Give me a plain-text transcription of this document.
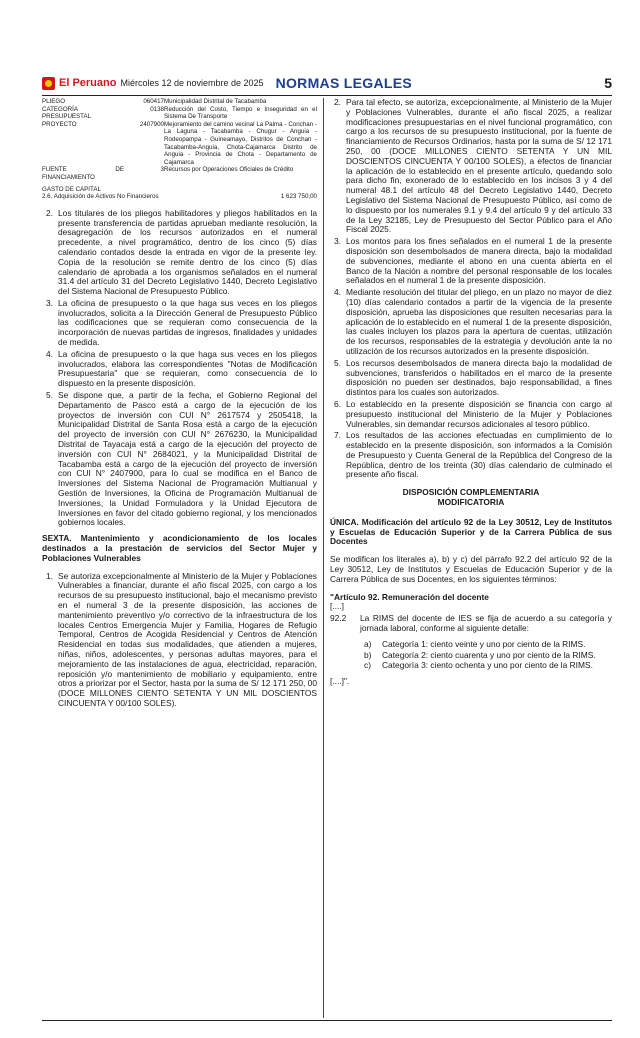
El Peruano Miércoles 12 de noviembre de 2025 NORMAS LEGALES	5
PLIEGO	060417	Municipalidad Distrital de Tacabamba
CATEGORÍA PRESUPUESTAL	0138	Reducción del Costo, Tiempo e Inseguridad en el Sistema De Transporte
PROYECTO	2407900	Mejoramiento del camino vecinal La Palma - Conchan - La Laguna - Tacabamba - Chugur - Anguia - Rodeopampa - Guineamayo, Distritos de Conchan - Tacabamba-Anguia, Chota-Cajamarca Distrito de Anguia - Provincia de Chota - Departamento de Cajamarca
FUENTE DE FINANCIAMIENTO	3	Recursos por Operaciones Oficiales de Crédito
GASTO DE CAPITAL		
2.6. Adquisición de Activos No Financieros		1 623 750,00
2. Los titulares de los pliegos habilitadores y pliegos habilitados en la presente transferencia de partidas aprueban mediante resolución, la desagregación de los recursos autorizados en el numeral precedente, a nivel programático, dentro de los cinco (5) días calendario contados desde la entrada en vigor de la presente ley. Copia de la resolución se remite dentro de los cinco (5) días calendario de aprobada a los organismos señalados en el numeral 31.4 del artículo 31 del Decreto Legislativo 1440, Decreto Legislativo del Sistema Nacional de Presupuesto Público.
3. La oficina de presupuesto o la que haga sus veces en los pliegos involucrados, solicita a la Dirección General de Presupuesto Público las codificaciones que se requieran como consecuencia de la incorporación de nuevas partidas de ingresos, finalidades y unidades de medida.
4. La oficina de presupuesto o la que haga sus veces en los pliegos involucrados, elabora las correspondientes "Notas de Modificación Presupuestaria" que se requieran, como consecuencia de lo dispuesto en la presente disposición.
5. Se dispone que, a partir de la fecha, el Gobierno Regional del Departamento de Pasco está a cargo de la ejecución de los proyectos de inversión con CUI N° 2617574 y 2505418, la Municipalidad Distrital de Santa Rosa está a cargo de la ejecución del proyecto de inversión con CUI N° 2676230, la Municipalidad Distrital de Tayacaja está a cargo de la ejecución del proyecto de inversión con CUI N° 2684021, y la Municipalidad Distrital de Tacabamba está a cargo de la ejecución del proyecto de inversión con CUI N° 2407900, para lo cual se modifica en el Banco de Inversiones del Sistema Nacional de Programación Multianual y Gestión de Inversiones, la Oficina de Programación Multianual de Inversiones, la Unidad Formuladora y la Unidad Ejecutora de Inversiones en favor del citado gobierno regional, y los mencionados gobiernos locales.
SEXTA. Mantenimiento y acondicionamiento de los locales destinados a la prestación de servicios del Sector Mujer y Poblaciones Vulnerables
1. Se autoriza excepcionalmente al Ministerio de la Mujer y Poblaciones Vulnerables a financiar, durante el año fiscal 2025, con cargo a los recursos de su presupuesto institucional, bajo el mecanismo previsto en el numeral 3 de la presente disposición, las acciones de mantenimiento preventivo y/o correctivo de la infraestructura de los locales Centros Emergencia Mujer y Familia, Hogares de Refugio Temporal, Centros de Acogida Residencial y Centros de Atención Residencial en todas sus modalidades, que atienden a mujeres, niñas, niños, adolescentes, y personas adultas mayores, para el mejoramiento de las instalaciones de agua, electricidad, reparación, reposición y/o mantenimiento de mobiliario y equipamiento, entre otros a priorizar por el Sector, hasta por la suma de S/ 12 171 250, 00 (DOCE MILLONES CIENTO SETENTA Y UN MIL DOSCIENTOS CINCUENTA Y 00/100 SOLES).
2. Para tal efecto, se autoriza, excepcionalmente, al Ministerio de la Mujer y Poblaciones Vulnerables, durante el año fiscal 2025, a realizar modificaciones presupuestarias en el nivel funcional programático, con cargo a los recursos de su presupuesto institucional, por la fuente de financiamiento de Recursos Ordinarios, hasta por la suma de S/ 12 171 250, 00 (DOCE MILLONES CIENTO SETENTA Y UN MIL DOSCIENTOS CINCUENTA Y 00/100 SOLES), a efectos de financiar la aplicación de lo establecido en el presente artículo, quedando solo para dicho fin, exonerado de lo establecido en los incisos 3 y 4 del numeral 48.1 del artículo 48 del Decreto Legislativo 1440, Decreto Legislativo del Sistema Nacional de Presupuesto Público, así como de lo dispuesto por los numerales 9.1 y 9.4 del artículo 9 y del artículo 33 de la Ley 32185, Ley de Presupuesto del Sector Público para el Año Fiscal 2025.
3. Los montos para los fines señalados en el numeral 1 de la presente disposición son desembolsados de manera directa, bajo la modalidad de subvenciones, mediante el abono en una cuenta abierta en el Banco de la Nación a nombre del personal responsable de los locales señalados en el numeral 1 de la presente disposición.
4. Mediante resolución del titular del pliego, en un plazo no mayor de diez (10) días calendario contados a partir de la vigencia de la presente disposición, aprueba las disposiciones que resulten necesarias para la aplicación de lo establecido en el numeral 1 de la presente disposición, las cuales incluyen los plazos para la apertura de cuentas, utilización de los recursos, responsables de la estrategia y devolución ante la no utilización de los recursos autorizados en la presente disposición.
5. Los recursos desembolsados de manera directa bajo la modalidad de subvenciones, transferidos o habilitados en el marco de la presente disposición no pueden ser destinados, bajo responsabilidad, a fines distintos para los cuales son autorizados.
6. Lo establecido en la presente disposición se financia con cargo al presupuesto institucional del Ministerio de la Mujer y Poblaciones Vulnerables, sin demandar recursos adicionales al tesoro público.
7. Los resultados de las acciones efectuadas en cumplimiento de lo establecido en la presente disposición, son informados a la Comisión de Presupuesto y Cuenta General de la República del Congreso de la República, dentro de los treinta (30) días calendario de culminado el presente año fiscal.
DISPOSICIÓN COMPLEMENTARIA
MODIFICATORIA
ÚNICA. Modificación del artículo 92 de la Ley 30512, Ley de Institutos y Escuelas de Educación Superior y de la Carrera Pública de sus Docentes

Se modifican los literales a), b) y c) del párrafo 92.2 del artículo 92 de la Ley 30512, Ley de Institutos y Escuelas de Educación Superior y de la Carrera Pública de sus Docentes, en los siguientes términos:

"Artículo 92. Remuneración del docente
[....]
92.2 La RIMS del docente de IES se fija de acuerdo a su categoría y jornada laboral, conforme al siguiente detalle:
a) Categoría 1: ciento veinte y uno por ciento de la RIMS.
b) Categoría 2: ciento cuarenta y uno por ciento de la RIMS.
c) Categoría 3: ciento ochenta y uno por ciento de la RIMS.
[....]".
